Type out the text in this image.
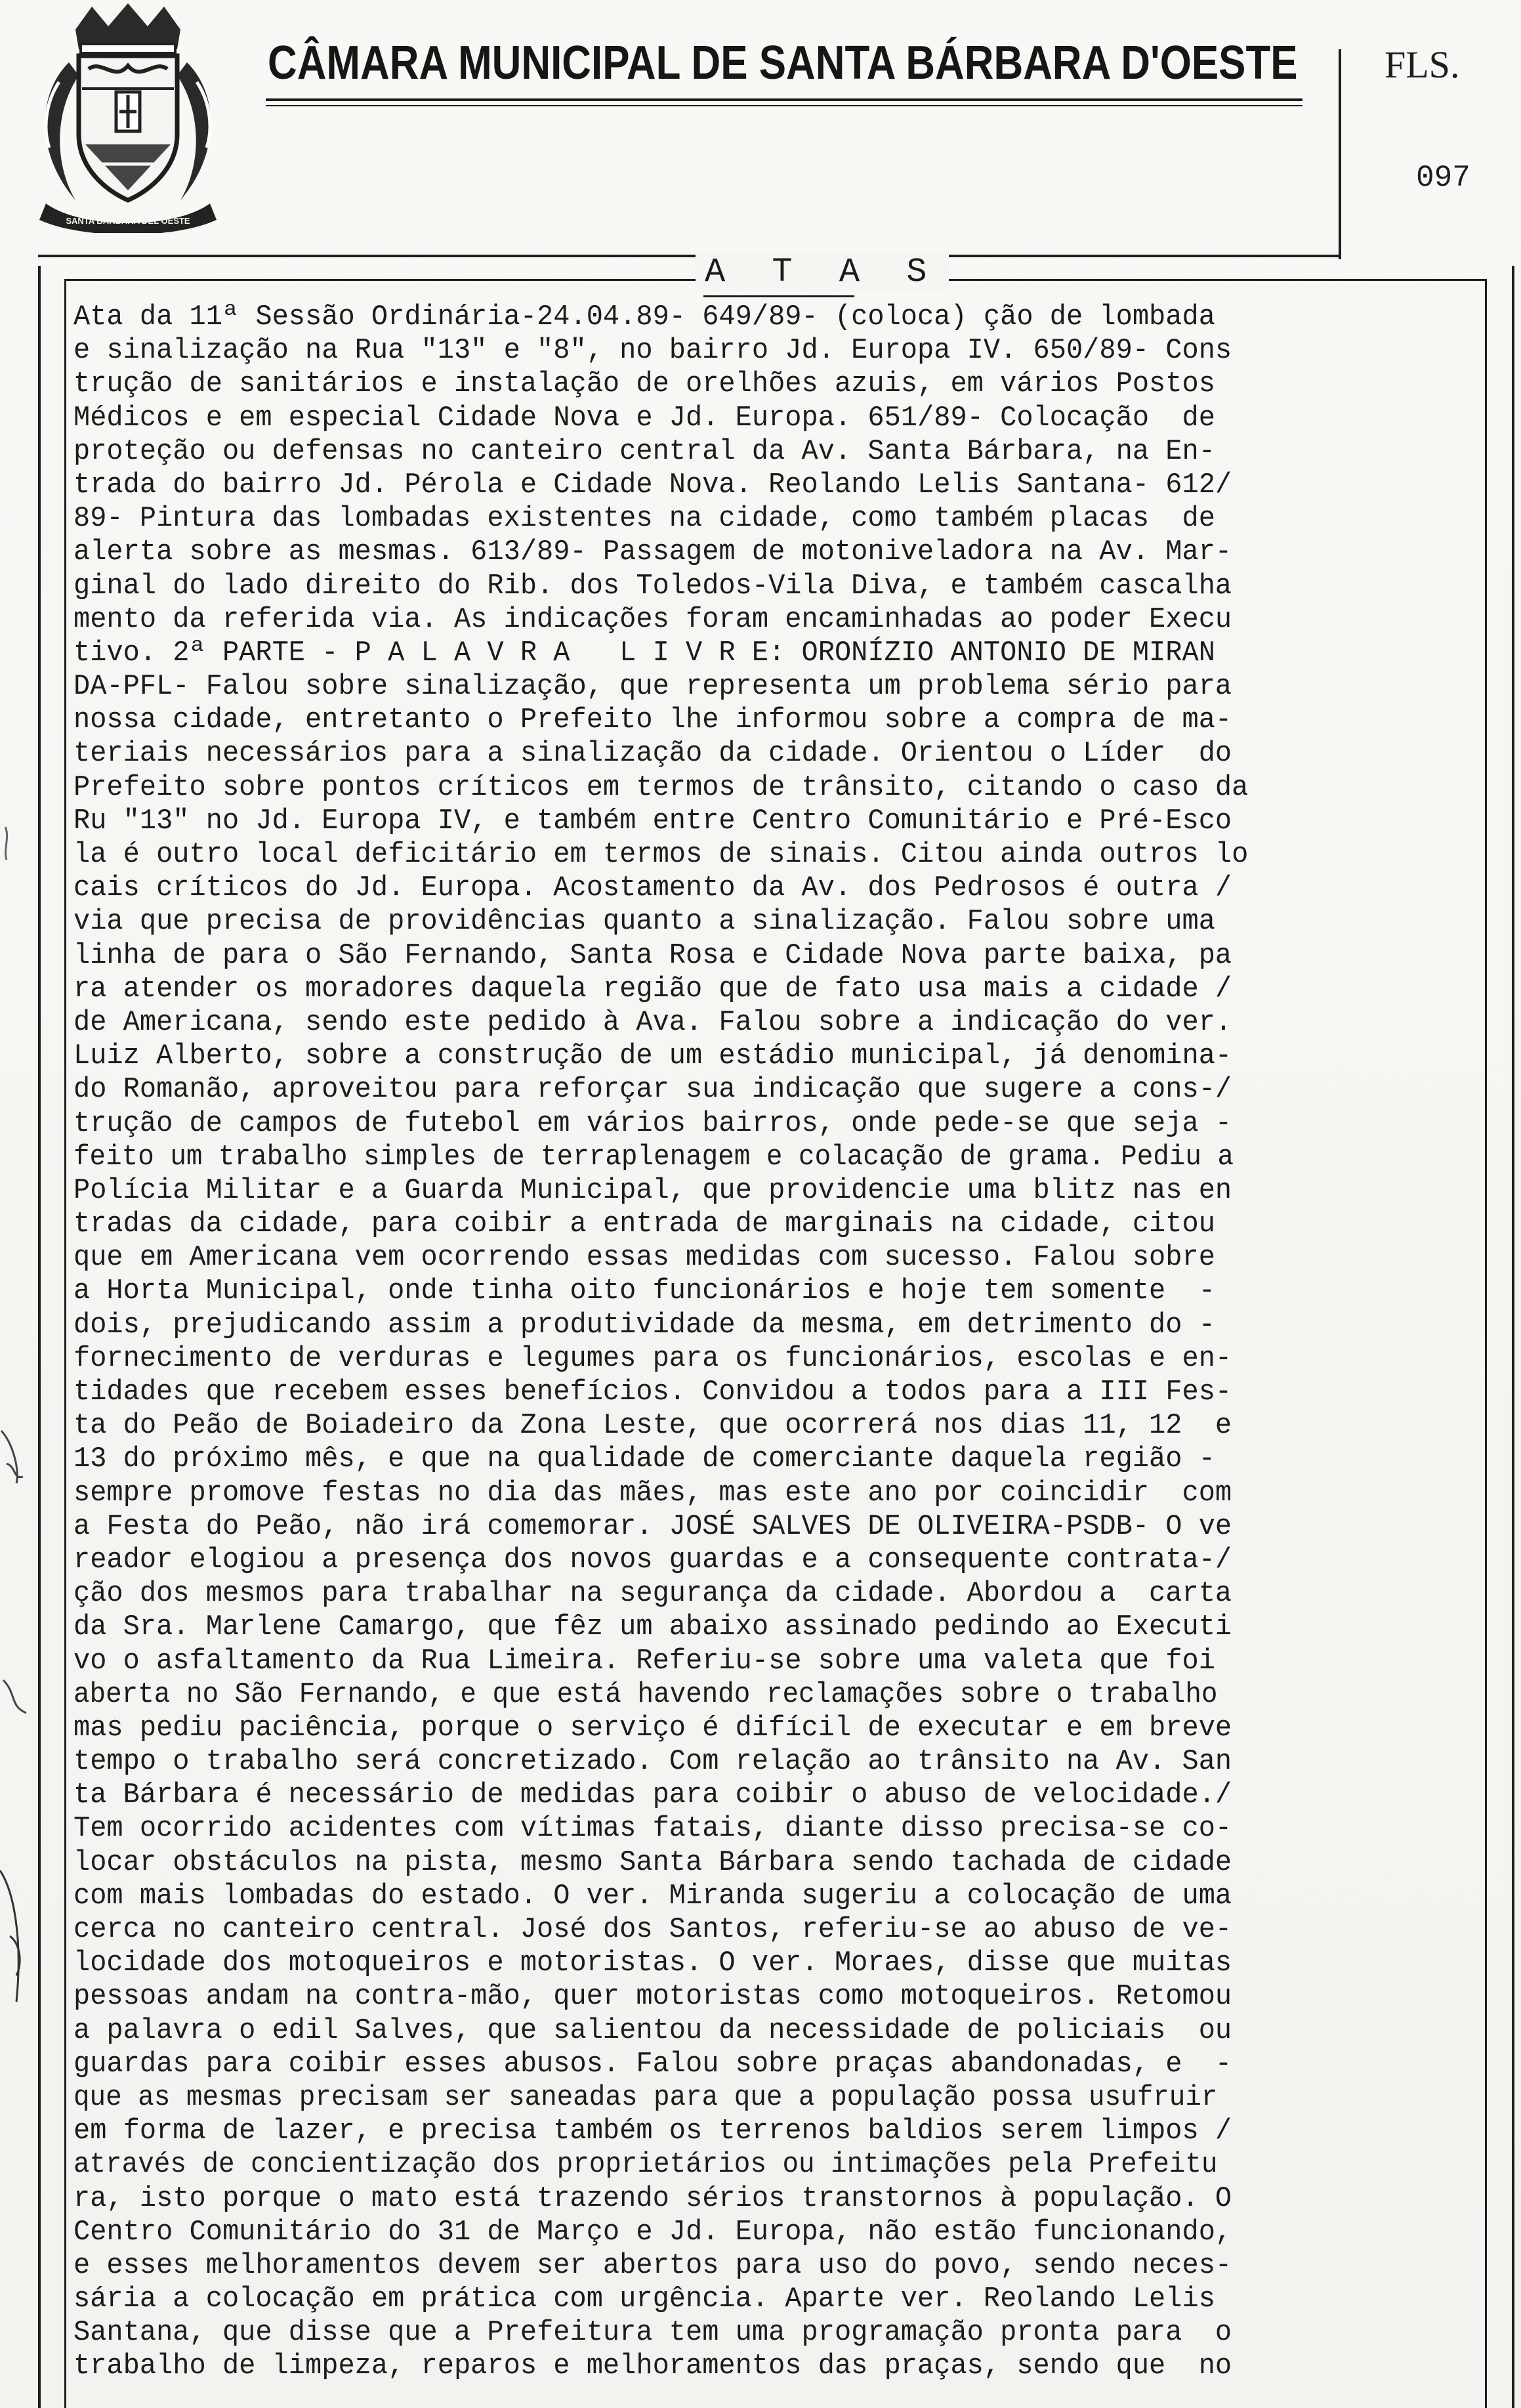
SANTA BARBARA DEL OESTE
CÂMARA MUNICIPAL DE SANTA BÁRBARA D'OESTE FLS.
097
A T A S
Ata da 11ª Sessão Ordinária-24.04.89- 649/89- (coloca) ção de lombada
e sinalização na Rua "13" e "8", no bairro Jd. Europa IV. 650/89- Cons
trução de sanitários e instalação de orelhões azuis, em vários Postos
Médicos e em especial Cidade Nova e Jd. Europa. 651/89- Colocação  de
proteção ou defensas no canteiro central da Av. Santa Bárbara, na En-
trada do bairro Jd. Pérola e Cidade Nova. Reolando Lelis Santana- 612/
89- Pintura das lombadas existentes na cidade, como também placas  de
alerta sobre as mesmas. 613/89- Passagem de motoniveladora na Av. Mar-
ginal do lado direito do Rib. dos Toledos-Vila Diva, e também cascalha
mento da referida via. As indicações foram encaminhadas ao poder Execu
tivo. 2ª PARTE - P A L A V R A   L I V R E: ORONÍZIO ANTONIO DE MIRAN
DA-PFL- Falou sobre sinalização, que representa um problema sério para
nossa cidade, entretanto o Prefeito lhe informou sobre a compra de ma-
teriais necessários para a sinalização da cidade. Orientou o Líder  do
Prefeito sobre pontos críticos em termos de trânsito, citando o caso da
Ru "13" no Jd. Europa IV, e também entre Centro Comunitário e Pré-Esco
la é outro local deficitário em termos de sinais. Citou ainda outros lo
cais críticos do Jd. Europa. Acostamento da Av. dos Pedrosos é outra /
via que precisa de providências quanto a sinalização. Falou sobre uma
linha de para o São Fernando, Santa Rosa e Cidade Nova parte baixa, pa
ra atender os moradores daquela região que de fato usa mais a cidade /
de Americana, sendo este pedido à Ava. Falou sobre a indicação do ver.
Luiz Alberto, sobre a construção de um estádio municipal, já denomina-
do Romanão, aproveitou para reforçar sua indicação que sugere a cons-/
trução de campos de futebol em vários bairros, onde pede-se que seja -
feito um trabalho simples de terraplenagem e colacação de grama. Pediu a
Polícia Militar e a Guarda Municipal, que providencie uma blitz nas en
tradas da cidade, para coibir a entrada de marginais na cidade, citou
que em Americana vem ocorrendo essas medidas com sucesso. Falou sobre
a Horta Municipal, onde tinha oito funcionários e hoje tem somente  -
dois, prejudicando assim a produtividade da mesma, em detrimento do -
fornecimento de verduras e legumes para os funcionários, escolas e en-
tidades que recebem esses benefícios. Convidou a todos para a III Fes-
ta do Peão de Boiadeiro da Zona Leste, que ocorrerá nos dias 11, 12  e
13 do próximo mês, e que na qualidade de comerciante daquela região -
sempre promove festas no dia das mães, mas este ano por coincidir  com
a Festa do Peão, não irá comemorar. JOSÉ SALVES DE OLIVEIRA-PSDB- O ve
reador elogiou a presença dos novos guardas e a consequente contrata-/
ção dos mesmos para trabalhar na segurança da cidade. Abordou a  carta
da Sra. Marlene Camargo, que fêz um abaixo assinado pedindo ao Executi
vo o asfaltamento da Rua Limeira. Referiu-se sobre uma valeta que foi
aberta no São Fernando, e que está havendo reclamações sobre o trabalho
mas pediu paciência, porque o serviço é difícil de executar e em breve
tempo o trabalho será concretizado. Com relação ao trânsito na Av. San
ta Bárbara é necessário de medidas para coibir o abuso de velocidade./
Tem ocorrido acidentes com vítimas fatais, diante disso precisa-se co-
locar obstáculos na pista, mesmo Santa Bárbara sendo tachada de cidade
com mais lombadas do estado. O ver. Miranda sugeriu a colocação de uma
cerca no canteiro central. José dos Santos, referiu-se ao abuso de ve-
locidade dos motoqueiros e motoristas. O ver. Moraes, disse que muitas
pessoas andam na contra-mão, quer motoristas como motoqueiros. Retomou
a palavra o edil Salves, que salientou da necessidade de policiais  ou
guardas para coibir esses abusos. Falou sobre praças abandonadas, e  -
que as mesmas precisam ser saneadas para que a população possa usufruir
em forma de lazer, e precisa também os terrenos baldios serem limpos /
através de concientização dos proprietários ou intimações pela Prefeitu
ra, isto porque o mato está trazendo sérios transtornos à população. O
Centro Comunitário do 31 de Março e Jd. Europa, não estão funcionando,
e esses melhoramentos devem ser abertos para uso do povo, sendo neces-
sária a colocação em prática com urgência. Aparte ver. Reolando Lelis
Santana, que disse que a Prefeitura tem uma programação pronta para  o
trabalho de limpeza, reparos e melhoramentos das praças, sendo que  no
